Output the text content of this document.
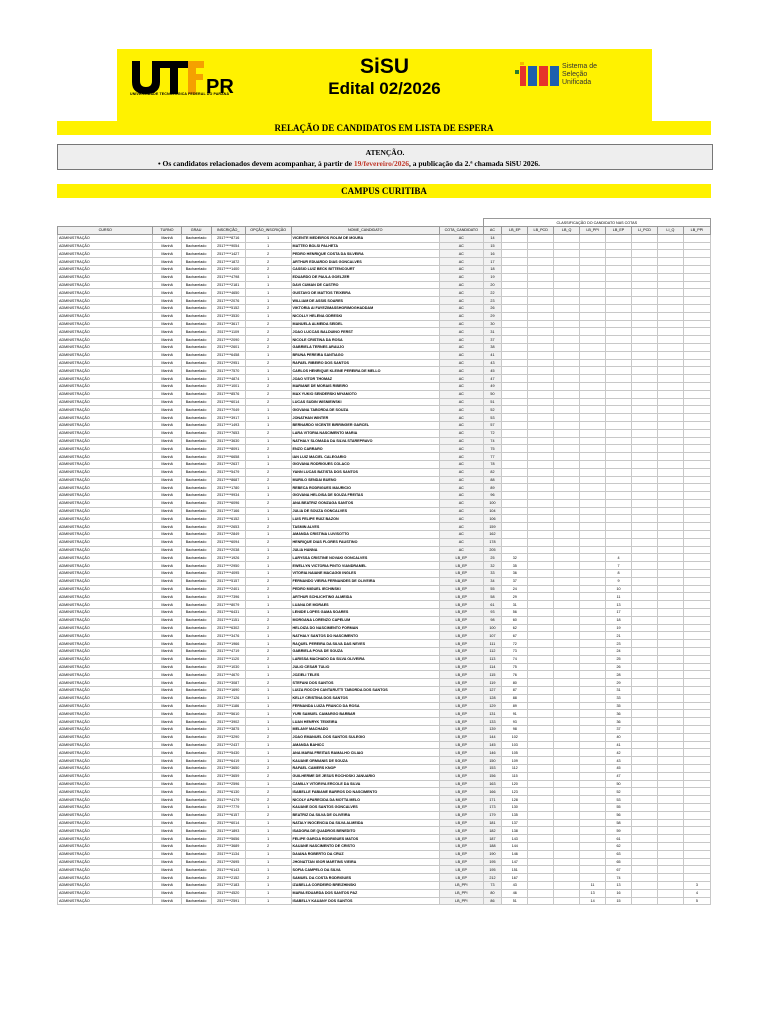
PR
UNIVERSIDADE TECNOLÓGICA FEDERAL DO PARANÁ
SiSU
Edital 02/2026
Sistema de
Seleção
Unificada
RELAÇÃO DE CANDIDATOS EM LISTA DE ESPERA
ATENÇÃO.
• Os candidatos relacionados devem acompanhar, à partir de 19/fevereiro/2026, a publicação da 2.ª chamada SiSU 2026.
CAMPUS CURITIBA
							CLASSIFICAÇÃO DO CANDIDATO NAS COTAS								
CURSO	TURNO	GRAU	INSCRIÇÃO_	OPÇÃO_INSCRIÇÃO	NOME_CANDIDATO	COTA_CANDIDATO	AC	LB_EP	LB_PCD	LB_Q	LB_PPI	LB_EP	LI_PCD	LI_Q	LB_PPI
ADMINISTRAÇÃO	Manhã	Bacharelado	2517****8716	1	VICENTE MEDEIROS ROLIM DE MOURA	AC	14								
ADMINISTRAÇÃO	Manhã	Bacharelado	2517****9054	1	MATTEO BOLSI PALHETA	AC	15								
ADMINISTRAÇÃO	Manhã	Bacharelado	2517****1427	2	PEDRO HENRIQUE COSTA DA SILVEIRA	AC	16								
ADMINISTRAÇÃO	Manhã	Bacharelado	2517****1872	2	ARTHUR EDUARDO DIAS GONCALVES	AC	17								
ADMINISTRAÇÃO	Manhã	Bacharelado	2517****1400	2	CASSIO LUIZ BECK BITTENCOURT	AC	18								
ADMINISTRAÇÃO	Manhã	Bacharelado	2517****4798	1	EDUARDO DE PAULA GOELZER	AC	19								
ADMINISTRAÇÃO	Manhã	Bacharelado	2517****2181	1	DAVI CUMAN DE CASTRO	AC	20								
ADMINISTRAÇÃO	Manhã	Bacharelado	2517****4650	1	GUSTAVO DE MATTOS TEIXEIRA	AC	22								
ADMINISTRAÇÃO	Manhã	Bacharelado	2517****2076	1	WILLIAM DE ASSIS SOARES	AC	23								
ADMINISTRAÇÃO	Manhã	Bacharelado	2517****5152	2	VIKTORIA AI FAYEZIMASSHORIMOGHADDAM	AC	26								
ADMINISTRAÇÃO	Manhã	Bacharelado	2517****3530	1	NICOLLY HELENA ODRESKI	AC	29								
ADMINISTRAÇÃO	Manhã	Bacharelado	2517****3617	2	MANUELA ALMEIDA SEIDEL	AC	30								
ADMINISTRAÇÃO	Manhã	Bacharelado	2517****1109	2	JOAO LUCCAS BALDUINO FERST	AC	31								
ADMINISTRAÇÃO	Manhã	Bacharelado	2517****2090	2	NICOLE CRISTINA DA ROSA	AC	37								
ADMINISTRAÇÃO	Manhã	Bacharelado	2517****2601	2	GABRIELA TERNES ARAUJO	AC	38								
ADMINISTRAÇÃO	Manhã	Bacharelado	2517****6458	1	BRUNA PEREIRA SANTIAGO	AC	41								
ADMINISTRAÇÃO	Manhã	Bacharelado	2517****2951	2	RAFAEL RIBEIRO DOS SANTOS	AC	43								
ADMINISTRAÇÃO	Manhã	Bacharelado	2517****7570	1	CARLOS HENRIQUE KLEINE PEREIRA DE MELLO	AC	45								
ADMINISTRAÇÃO	Manhã	Bacharelado	2517****4874	1	JOAO VITOR THOMAZ	AC	47								
ADMINISTRAÇÃO	Manhã	Bacharelado	2517****1001	2	MARIANE DE MORAIS RIBEIRO	AC	49								
ADMINISTRAÇÃO	Manhã	Bacharelado	2517****8576	2	MAX YUKIO SENDERSKI MIYAMOTO	AC	50								
ADMINISTRAÇÃO	Manhã	Bacharelado	2517****6014	2	LUCAS SUDIN WISNIEWSKI	AC	51								
ADMINISTRAÇÃO	Manhã	Bacharelado	2517****7049	1	GIOVANA TABORDA DE SOUZA	AC	52								
ADMINISTRAÇÃO	Manhã	Bacharelado	2517****3917	1	JONATHAN WINTER	AC	53								
ADMINISTRAÇÃO	Manhã	Bacharelado	2517****1493	1	BERNARDO VICENTE BIRRINGER GARCEL	AC	57								
ADMINISTRAÇÃO	Manhã	Bacharelado	2517****7653	2	LARA VITORIA NASCIMENTO MARIA	AC	72								
ADMINISTRAÇÃO	Manhã	Bacharelado	2517****3630	1	NATHALY SLOMADA DA SILVA STAREPRAVO	AC	74								
ADMINISTRAÇÃO	Manhã	Bacharelado	2517****8091	2	ENZO CARRARO	AC	75								
ADMINISTRAÇÃO	Manhã	Bacharelado	2517****6658	1	IAN LUIZ MACIEL CALEGARIO	AC	77								
ADMINISTRAÇÃO	Manhã	Bacharelado	2517****2637	1	GIOVANA RODRIGUES COLACO	AC	78								
ADMINISTRAÇÃO	Manhã	Bacharelado	2517****5479	2	YANN LUCAS BATISTA DOS SANTOS	AC	82								
ADMINISTRAÇÃO	Manhã	Bacharelado	2517****8687	2	MURILO SENDAI BUENO	AC	88								
ADMINISTRAÇÃO	Manhã	Bacharelado	2517****1780	1	REBECA RODRIGUES MAURICIO	AC	89								
ADMINISTRAÇÃO	Manhã	Bacharelado	2517****9934	1	GIOVANA HELOISA DE SOUZA FREITAS	AC	96								
ADMINISTRAÇÃO	Manhã	Bacharelado	2517****6096	2	ANA BEATRIZ GONZAGA SANTOS	AC	100								
ADMINISTRAÇÃO	Manhã	Bacharelado	2517****7166	1	JULIA DE SOUZA GONCALVES	AC	104								
ADMINISTRAÇÃO	Manhã	Bacharelado	2517****6152	1	LUIS FELIPE RUIZ BAZON	AC	106								
ADMINISTRAÇÃO	Manhã	Bacharelado	2517****2653	2	TASMIN ALVES	AC	159								
ADMINISTRAÇÃO	Manhã	Bacharelado	2517****2849	1	AMANDA CRISTINA LUVISOTTO	AC	162								
ADMINISTRAÇÃO	Manhã	Bacharelado	2517****6094	2	HENRIQUE DIAS FLORES FAUSTINO	AC	178								
ADMINISTRAÇÃO	Manhã	Bacharelado	2517****2038	1	JULIA HANNA	AC	205								
ADMINISTRAÇÃO	Manhã	Bacharelado	2517****1926	2	LARYSSA CRISTINE NOVAKI GONCALVES	LB_EP	25	32				4			
ADMINISTRAÇÃO	Manhã	Bacharelado	2517****2950	1	EWELLYN VICTORIA PINTO VIANDRAMEL	LB_EP	32	35				7			
ADMINISTRAÇÃO	Manhã	Bacharelado	2517****4095	1	VITORIA NAIANE MACAGGI INGLES	LB_EP	33	36				8			
ADMINISTRAÇÃO	Manhã	Bacharelado	2517****5157	2	FERNANDO VIEIRA FERNANDES DE OLIVEIRA	LB_EP	34	37				9			
ADMINISTRAÇÃO	Manhã	Bacharelado	2517****2401	2	PEDRO MIGUEL IECHINSKI	LB_EP	55	24				10			
ADMINISTRAÇÃO	Manhã	Bacharelado	2517****7396	1	ARTHUR SCHLICHTING ALMEIDA	LB_EP	58	29				11			
ADMINISTRAÇÃO	Manhã	Bacharelado	2517****8079	1	LUANA DE MORAES	LB_EP	61	31				13			
ADMINISTRAÇÃO	Manhã	Bacharelado	2517****6431	1	LENIDE LOPES GAMA SOARES	LB_EP	93	56				17			
ADMINISTRAÇÃO	Manhã	Bacharelado	2517****1151	2	MORGANA LORENZO CAPELUM	LB_EP	98	60				18			
ADMINISTRAÇÃO	Manhã	Bacharelado	2517****6302	2	HELOIZA DO NASCIMENTO FORMAN	LB_EP	100	62				19			
ADMINISTRAÇÃO	Manhã	Bacharelado	2517****3476	1	NATHALY SANTOS DO NASCIMENTO	LB_EP	107	67				21			
ADMINISTRAÇÃO	Manhã	Bacharelado	2517****1966	1	RAQUEL PEREIRA DA SILVA DAS NEVES	LB_EP	111	72				23			
ADMINISTRAÇÃO	Manhã	Bacharelado	2517****4719	2	GABRIELA POVA DE SOUZA	LB_EP	112	73				24			
ADMINISTRAÇÃO	Manhã	Bacharelado	2517****1120	2	LARISSA MACHADO DA SILVA OLIVEIRA	LB_EP	113	74				25			
ADMINISTRAÇÃO	Manhã	Bacharelado	2517****1030	1	JULIO CESAR TULIO	LB_EP	114	75				26			
ADMINISTRAÇÃO	Manhã	Bacharelado	2517****4670	1	JOZIELI TELES	LB_EP	115	76				28			
ADMINISTRAÇÃO	Manhã	Bacharelado	2517****3087	2	STEFANI DOS SANTOS	LB_EP	119	80				29			
ADMINISTRAÇÃO	Manhã	Bacharelado	2517****1690	1	LUIZA ROCCHI CANTARUTTI TABORDA DOS SANTOS	LB_EP	127	87				31			
ADMINISTRAÇÃO	Manhã	Bacharelado	2517****7126	1	KELLY CRISTINA DOS SANTOS	LB_EP	128	88				33			
ADMINISTRAÇÃO	Manhã	Bacharelado	2517****1186	1	FERNANDA LUIZA FRANCO DA ROSA	LB_EP	129	89				35			
ADMINISTRAÇÃO	Manhã	Bacharelado	2517****5610	1	YURI SAMUEL CAMARGO BARBAR	LB_EP	131	91				36			
ADMINISTRAÇÃO	Manhã	Bacharelado	2517****3902	1	LUAN HENRYK TEIXEIRA	LB_EP	133	93				36			
ADMINISTRAÇÃO	Manhã	Bacharelado	2517****3875	1	MELANY MACHADO	LB_EP	139	98				37			
ADMINISTRAÇÃO	Manhã	Bacharelado	2517****3290	2	JOAO EMANUEL DOS SANTOS SULEGIO	LB_EP	144	102				40			
ADMINISTRAÇÃO	Manhã	Bacharelado	2517****2437	1	AMANDA BAHICC	LB_EP	145	103				41			
ADMINISTRAÇÃO	Manhã	Bacharelado	2517****5430	1	ANA MARIA FREITAS RAMALHO CILIAO	LB_EP	146	105				42			
ADMINISTRAÇÃO	Manhã	Bacharelado	2517****6419	1	KAUANE ORMIANIS DE SOUZA	LB_EP	150	109				43			
ADMINISTRAÇÃO	Manhã	Bacharelado	2517****3650	2	RAFAEL CAMERS KNOP	LB_EP	153	112				45			
ADMINISTRAÇÃO	Manhã	Bacharelado	2517****3659	2	GUILHERME DE JESUS ROCHOSKI JANUARIO	LB_EP	156	115				47			
ADMINISTRAÇÃO	Manhã	Bacharelado	2517****2596	1	CAMILLY VITORIYA ERCOLE DA SILVA	LB_EP	163	120				50			
ADMINISTRAÇÃO	Manhã	Bacharelado	2517****6130	2	ISABELLE FABIANE BARROS DO NASCIMENTO	LB_EP	166	123				52			
ADMINISTRAÇÃO	Manhã	Bacharelado	2517****4179	2	NICOLY APARECIDA DA MOTTA MELO	LB_EP	171	128				53			
ADMINISTRAÇÃO	Manhã	Bacharelado	2517****7779	1	KAUANE DOS SANTOS GONCALVES	LB_EP	173	130				55			
ADMINISTRAÇÃO	Manhã	Bacharelado	2517****6157	2	BEATRIZ DA SILVA DE OLIVEIRA	LB_EP	179	135				56			
ADMINISTRAÇÃO	Manhã	Bacharelado	2517****6014	1	NATALY INOCENCIA DA SILVA ALMEIDA	LB_EP	181	137				58			
ADMINISTRAÇÃO	Manhã	Bacharelado	2517****1893	1	ISADORA DE QUADROS BENEDITO	LB_EP	182	138				59			
ADMINISTRAÇÃO	Manhã	Bacharelado	2517****5656	1	FELIPE GARCIA RODRIGUES MATOS	LB_EP	187	143				61			
ADMINISTRAÇÃO	Manhã	Bacharelado	2517****3689	2	KAUANE NASCIMENTO DE CRISTO	LB_EP	188	144				62			
ADMINISTRAÇÃO	Manhã	Bacharelado	2517****1134	1	DAIANA ROBERTO DA CRUZ	LB_EP	190	146				63			
ADMINISTRAÇÃO	Manhã	Bacharelado	2517****2695	1	JHONATTAN IGOR MARTINS VIEIRA	LB_EP	195	147				65			
ADMINISTRAÇÃO	Manhã	Bacharelado	2517****6143	1	SOFIA CAMPELO DA SILVA	LB_EP	195	151				67			
ADMINISTRAÇÃO	Manhã	Bacharelado	2517****2152	2	SAMUEL DA COSTA RODRIGUES	LB_EP	212	167				74			
ADMINISTRAÇÃO	Manhã	Bacharelado	2517****2183	1	IZABELLA CORDEIRO BREIZHINSKI	LB_PPI	73	43			11	13			3
ADMINISTRAÇÃO	Manhã	Bacharelado	2517****4520	1	MARIA EDUARDA DOS SANTOS PAZ	LB_PPI	80	46			13	16			4
ADMINISTRAÇÃO	Manhã	Bacharelado	2517****2591	1	ISABELLY KAUANY DOS SANTOS	LB_PPI	86	51			14	15			5
